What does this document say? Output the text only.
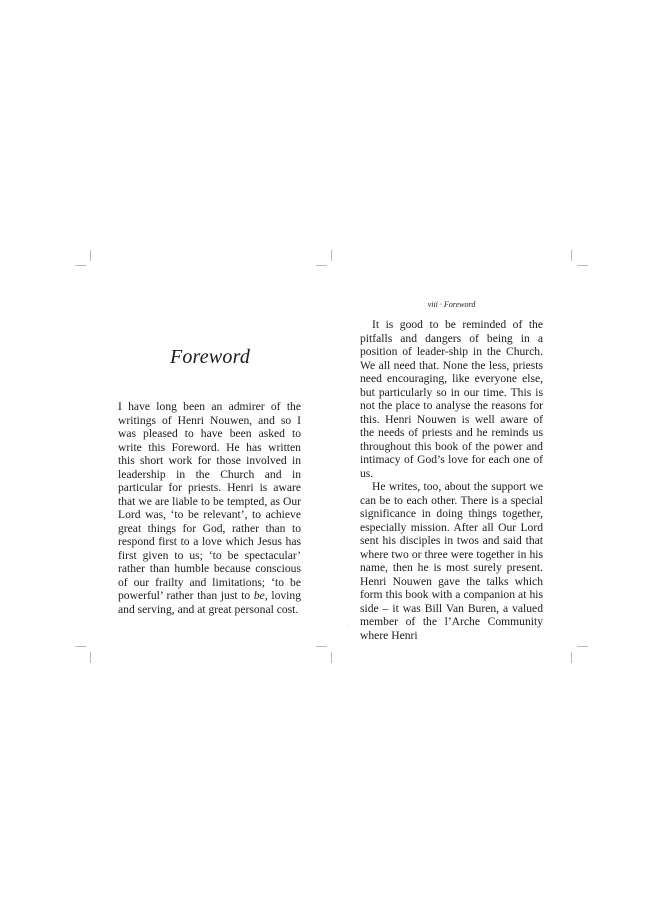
Foreword

I have long been an admirer of the writings of Henri Nouwen, and so I was pleased to have been asked to write this Foreword. He has written this short work for those involved in leadership in the Church and in particular for priests. Henri is aware that we are liable to be tempted, as Our Lord was, ‘to be relevant’, to achieve great things for God, rather than to respond first to a love which Jesus has first given to us; ‘to be spectacular’ rather than humble because conscious of our frailty and limitations; ‘to be powerful’ rather than just to be, loving and serving, and at great personal cost.

viii · Foreword

It is good to be reminded of the pitfalls and dangers of being in a position of leader-ship in the Church. We all need that. None the less, priests need encouraging, like everyone else, but particularly so in our time. This is not the place to analyse the reasons for this. Henri Nouwen is well aware of the needs of priests and he reminds us throughout this book of the power and intimacy of God’s love for each one of us.

He writes, too, about the support we can be to each other. There is a special significance in doing things together, especially mission. After all Our Lord sent his disciples in twos and said that where two or three were together in his name, then he is most surely present. Henri Nouwen gave the talks which form this book with a companion at his side – it was Bill Van Buren, a valued member of the l’Arche Community where Henri
